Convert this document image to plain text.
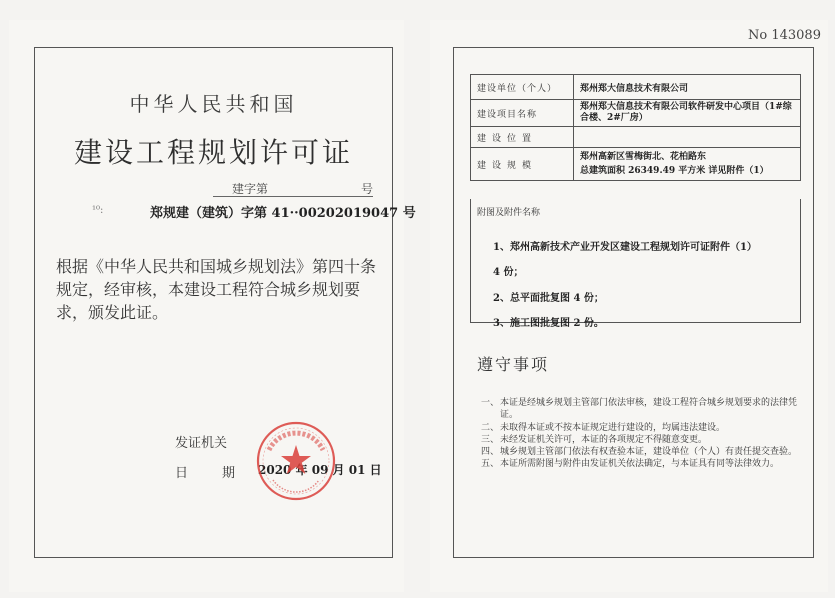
No 143089
中华人民共和国
建设工程规划许可证
建字第	号
¹⁰:	郑规建（建筑）字第 41··00202019047 号
根据《中华人民共和国城乡规划法》第四十条规定，经审核，本建设工程符合城乡规划要求，颁发此证。
发证机关
日	期 2020 年 09 月 01 日
建设单位（个人）	郑州郑大信息技术有限公司
建设项目名称	郑州郑大信息技术有限公司软件研发中心项目（1#综合楼、2#厂房）
建设位置	
建设规模	郑州高新区雪梅街北、花柏路东
总建筑面积 26349.49 平方米 详见附件（1）
附图及附件名称
1、郑州高新技术产业开发区建设工程规划许可证附件（1）
4 份；
2、总平面批复图 4 份；
3、施工图批复图 2 份。
遵守事项
一、 本证是经城乡规划主管部门依法审核，建设工程符合城乡规划要求的法律凭证。
二、 未取得本证或不按本证规定进行建设的，均属违法建设。
三、 未经发证机关许可，本证的各项规定不得随意变更。
四、 城乡规划主管部门依法有权查验本证，建设单位（个人）有责任提交查验。
五、 本证所需附图与附件由发证机关依法确定，与本证具有同等法律效力。
